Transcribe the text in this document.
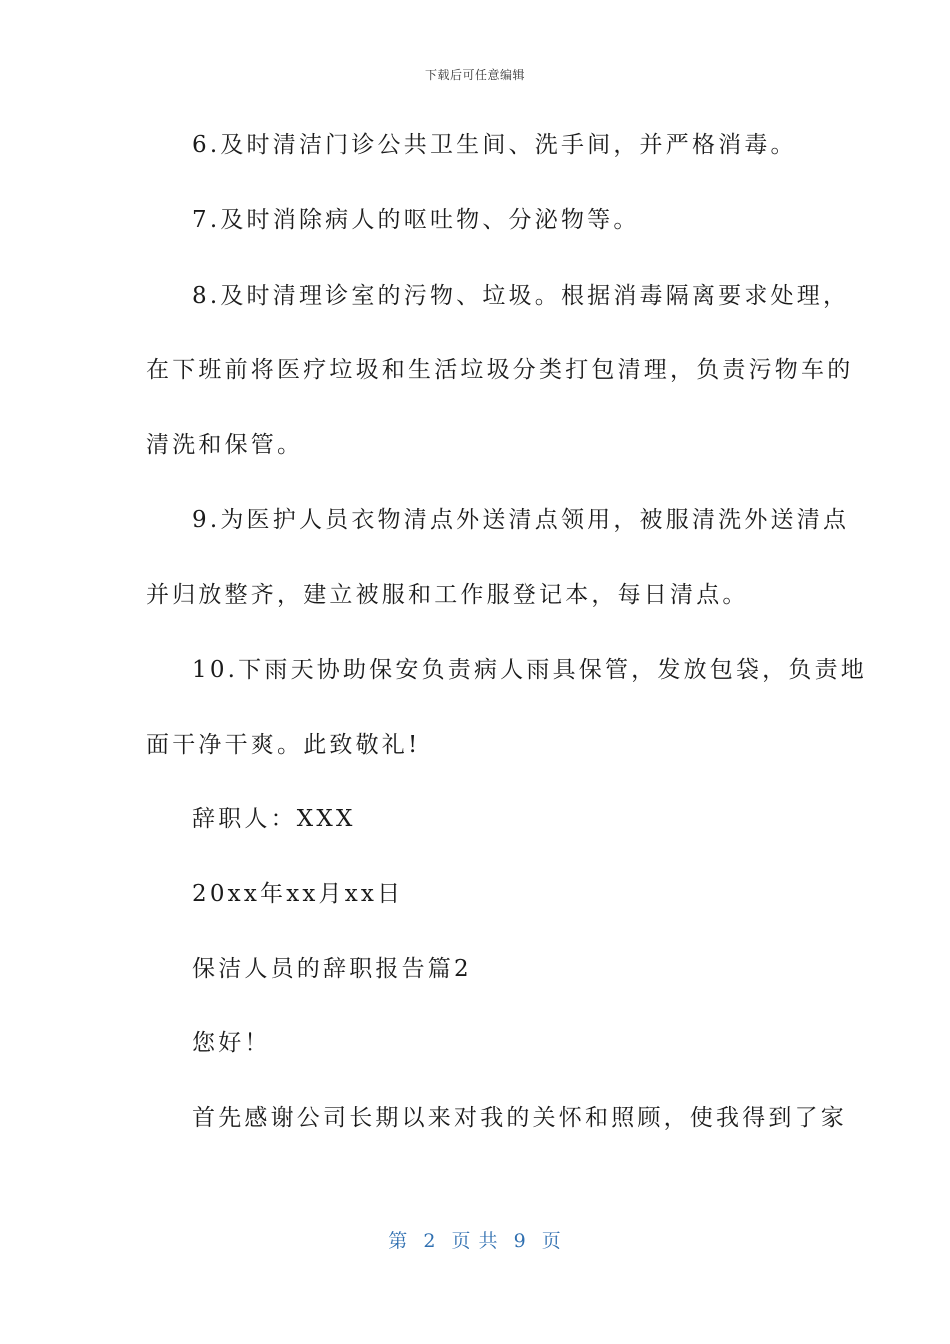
下载后可任意编辑
6.及时清洁门诊公共卫生间、洗手间，并严格消毒。
7.及时消除病人的呕吐物、分泌物等。
8.及时清理诊室的污物、垃圾。根据消毒隔离要求处理，
在下班前将医疗垃圾和生活垃圾分类打包清理，负责污物车的
清洗和保管。
9.为医护人员衣物清点外送清点领用，被服清洗外送清点
并归放整齐，建立被服和工作服登记本，每日清点。
10.下雨天协助保安负责病人雨具保管，发放包袋，负责地
面干净干爽。此致敬礼!
辞职人：XXX
20xx年xx月xx日
保洁人员的辞职报告篇2
您好！
首先感谢公司长期以来对我的关怀和照顾，使我得到了家
第 2 页 共 9 页
